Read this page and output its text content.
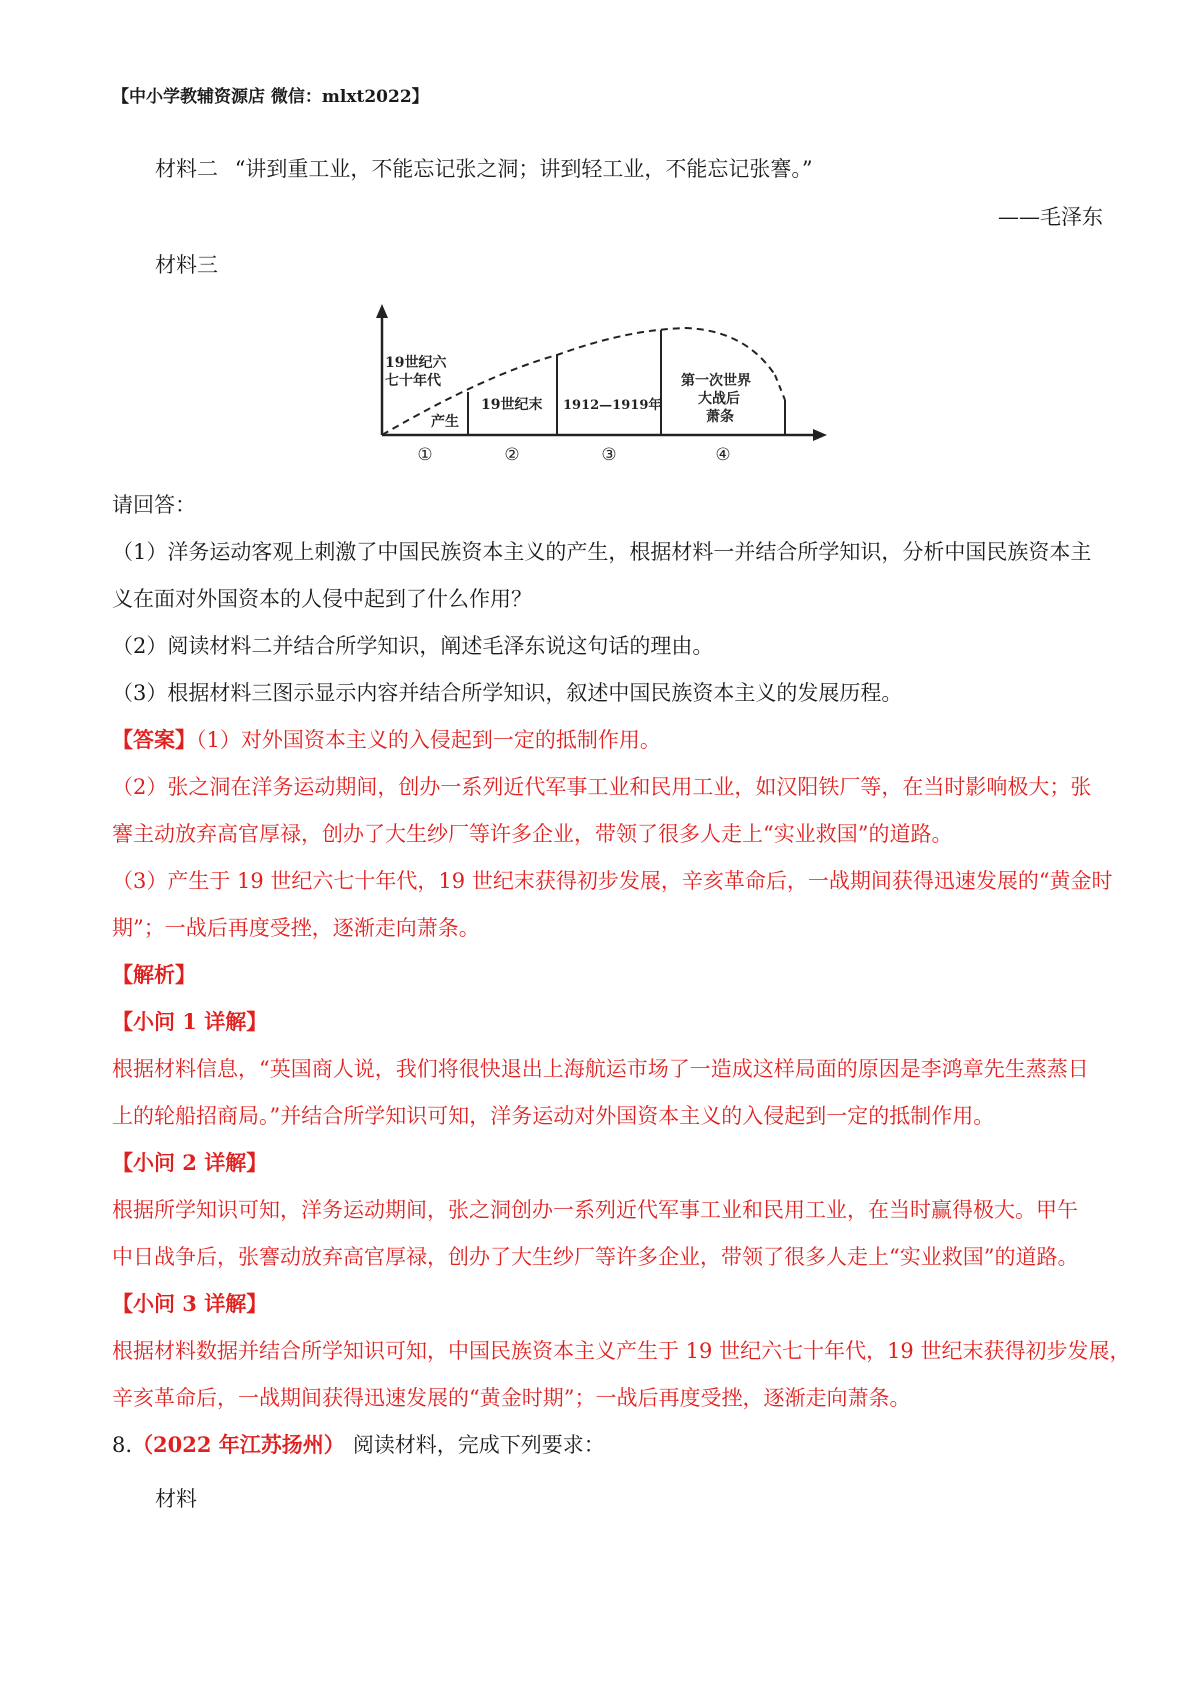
【中小学教辅资源店 微信：mlxt2022】
材料二 “讲到重工业，不能忘记张之洞；讲到轻工业，不能忘记张謇。”
——毛泽东
材料三
19世纪六
七十年代
产生
19世纪末 1912—1919年
第一次世界
大战后
萧条
①	②	③	④
请回答：
（1）洋务运动客观上刺激了中国民族资本主义的产生，根据材料一并结合所学知识，分析中国民族资本主
义在面对外国资本的人侵中起到了什么作用？
（2）阅读材料二并结合所学知识，阐述毛泽东说这句话的理由。
（3）根据材料三图示显示内容并结合所学知识，叙述中国民族资本主义的发展历程。
【答案】（1）对外国资本主义的入侵起到一定的抵制作用。
（2）张之洞在洋务运动期间，创办一系列近代军事工业和民用工业，如汉阳铁厂等，在当时影响极大；张
謇主动放弃高官厚禄，创办了大生纱厂等许多企业，带领了很多人走上“实业救国”的道路。
（3）产生于 19 世纪六七十年代，19 世纪末获得初步发展，辛亥革命后，一战期间获得迅速发展的“黄金时
期”；一战后再度受挫，逐渐走向萧条。
【解析】
【小问 1 详解】
根据材料信息，“英国商人说，我们将很快退出上海航运市场了一造成这样局面的原因是李鸿章先生蒸蒸日
上的轮船招商局。”并结合所学知识可知，洋务运动对外国资本主义的入侵起到一定的抵制作用。
【小问 2 详解】
根据所学知识可知，洋务运动期间，张之洞创办一系列近代军事工业和民用工业，在当时赢得极大。甲午
中日战争后，张謇动放弃高官厚禄，创办了大生纱厂等许多企业，带领了很多人走上“实业救国”的道路。
【小问 3 详解】
根据材料数据并结合所学知识可知，中国民族资本主义产生于 19 世纪六七十年代，19 世纪末获得初步发展，
辛亥革命后，一战期间获得迅速发展的“黄金时期”；一战后再度受挫，逐渐走向萧条。
8.（2022 年江苏扬州） 阅读材料，完成下列要求：
材料
